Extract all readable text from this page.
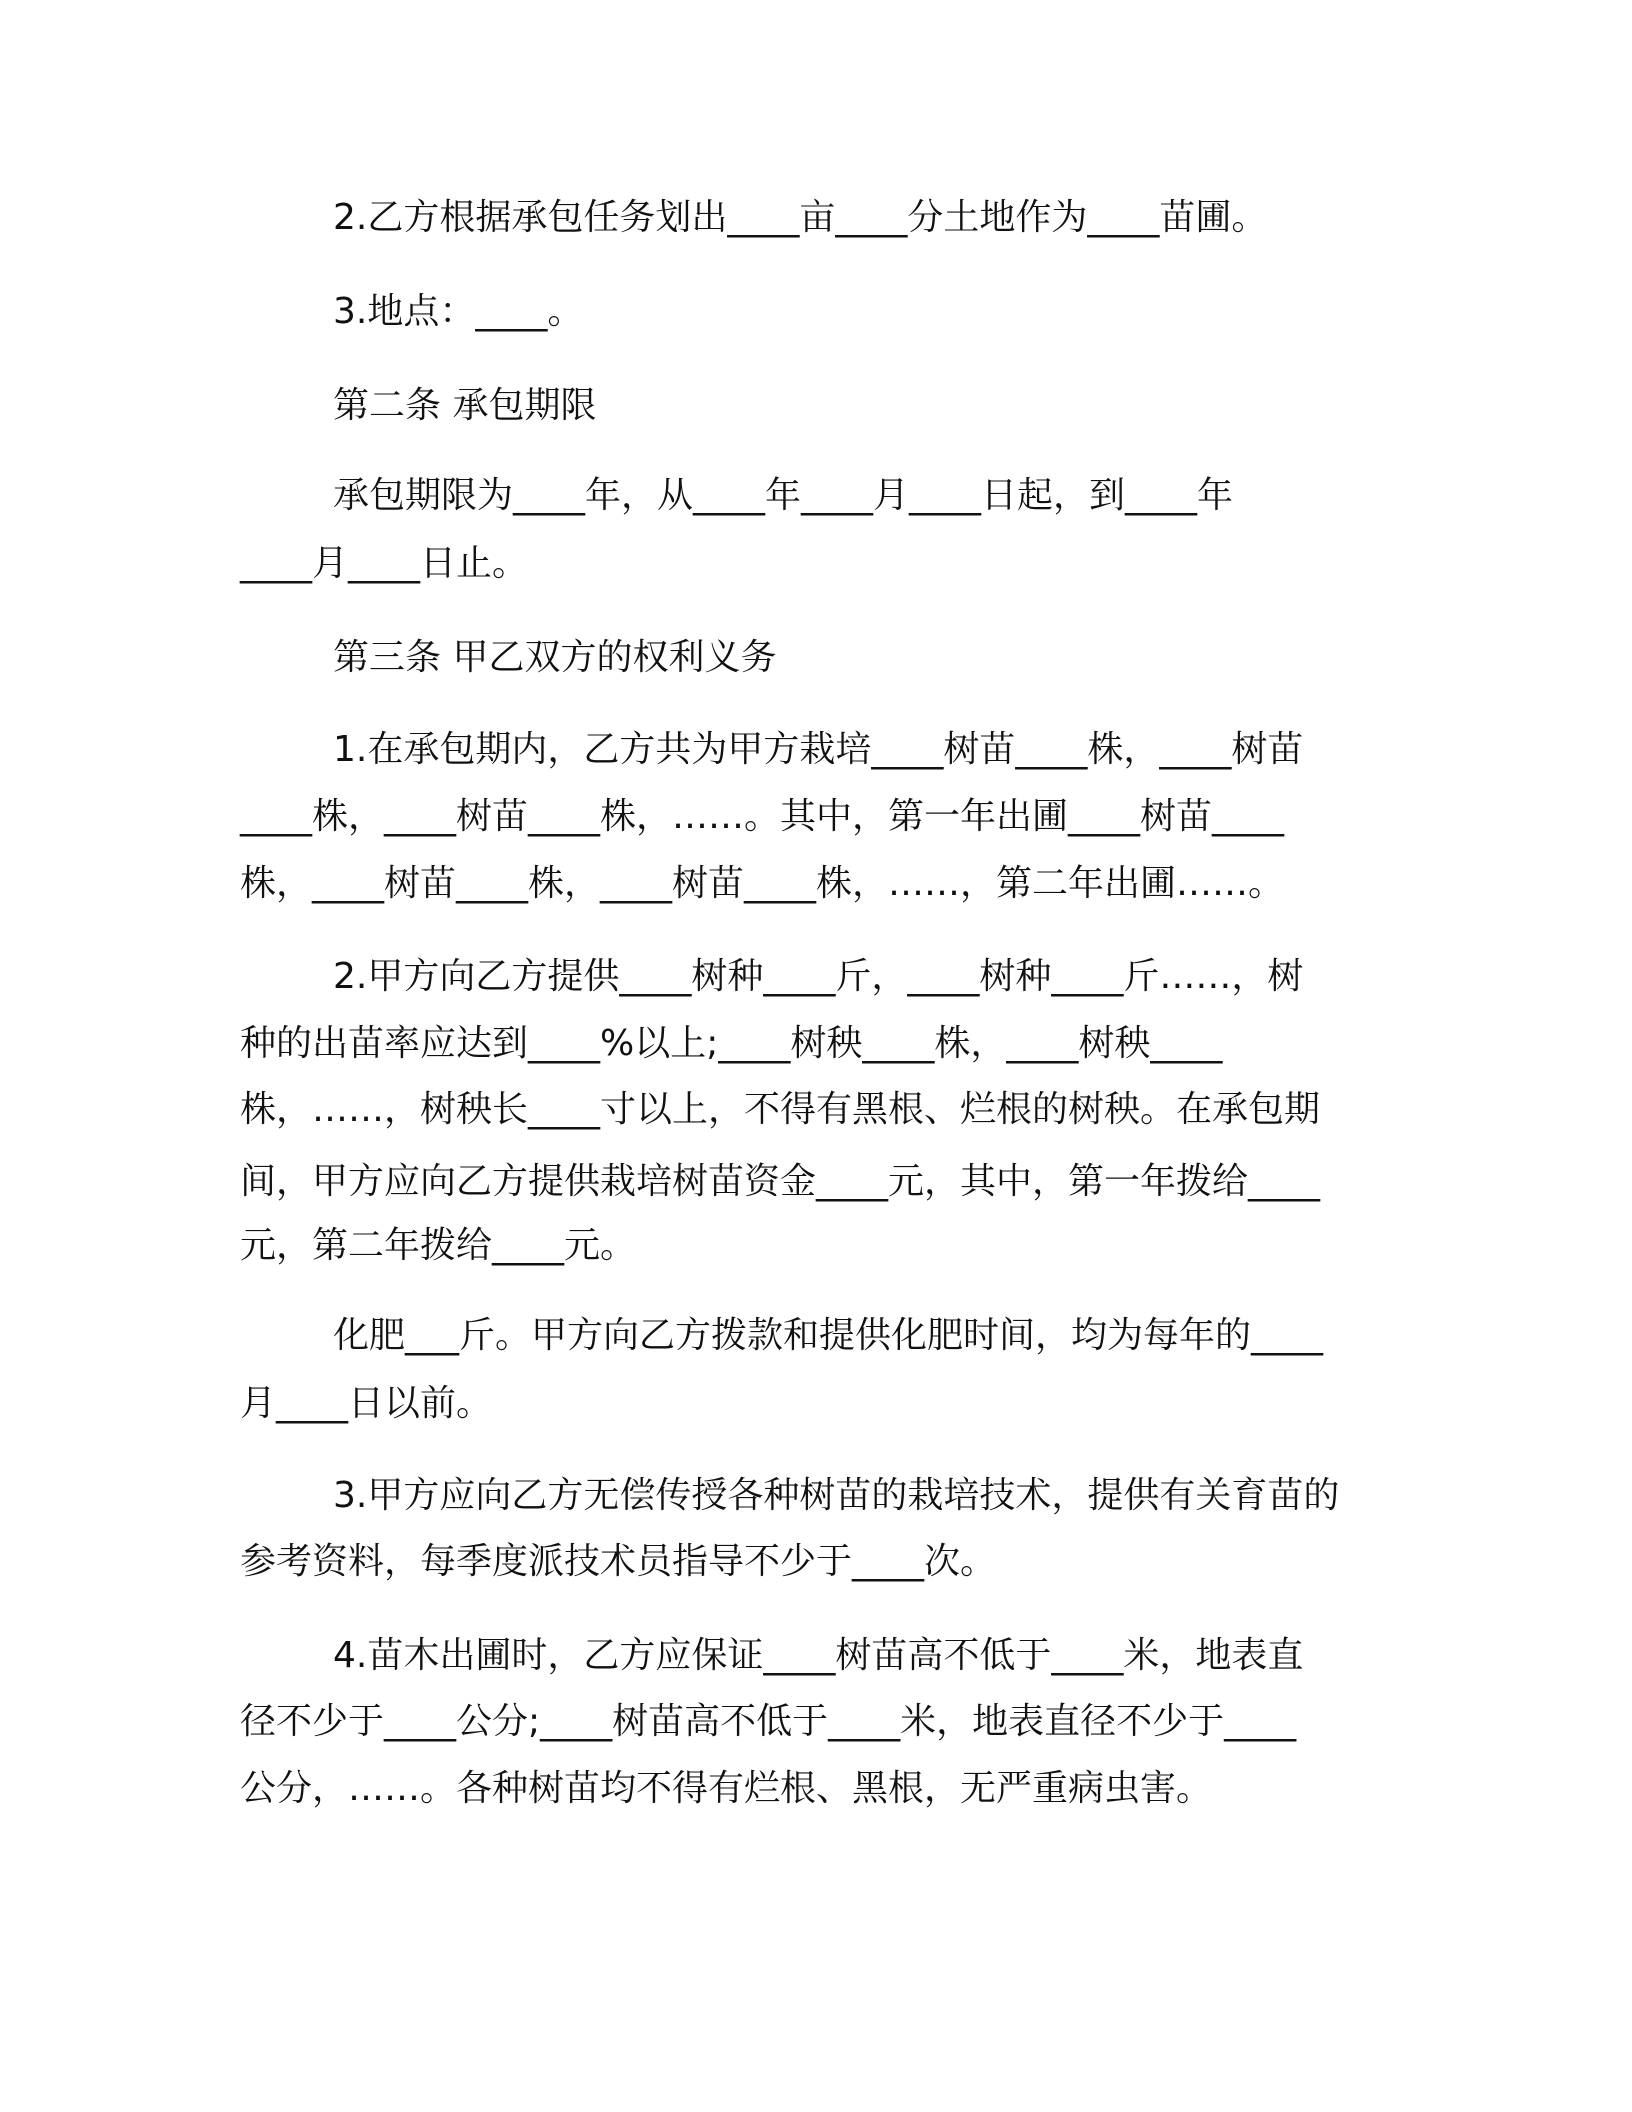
2.乙方根据承包任务划出____亩____分土地作为____苗圃。

3.地点：____。

第二条 承包期限

承包期限为____年，从____年____月____日起，到____年

____月____日止。

第三条 甲乙双方的权利义务

1.在承包期内，乙方共为甲方栽培____树苗____株，____树苗

____株，____树苗____株，……。其中，第一年出圃____树苗____

株，____树苗____株，____树苗____株，……，第二年出圃……。

2.甲方向乙方提供____树种____斤，____树种____斤……，树

种的出苗率应达到____%以上;____树秧____株，____树秧____

株，……，树秧长____寸以上，不得有黑根、烂根的树秧。在承包期

间，甲方应向乙方提供栽培树苗资金____元，其中，第一年拨给____

元，第二年拨给____元。

化肥___斤。甲方向乙方拨款和提供化肥时间，均为每年的____

月____日以前。

3.甲方应向乙方无偿传授各种树苗的栽培技术，提供有关育苗的

参考资料，每季度派技术员指导不少于____次。

4.苗木出圃时，乙方应保证____树苗高不低于____米，地表直

径不少于____公分;____树苗高不低于____米，地表直径不少于____

公分，……。各种树苗均不得有烂根、黑根，无严重病虫害。
